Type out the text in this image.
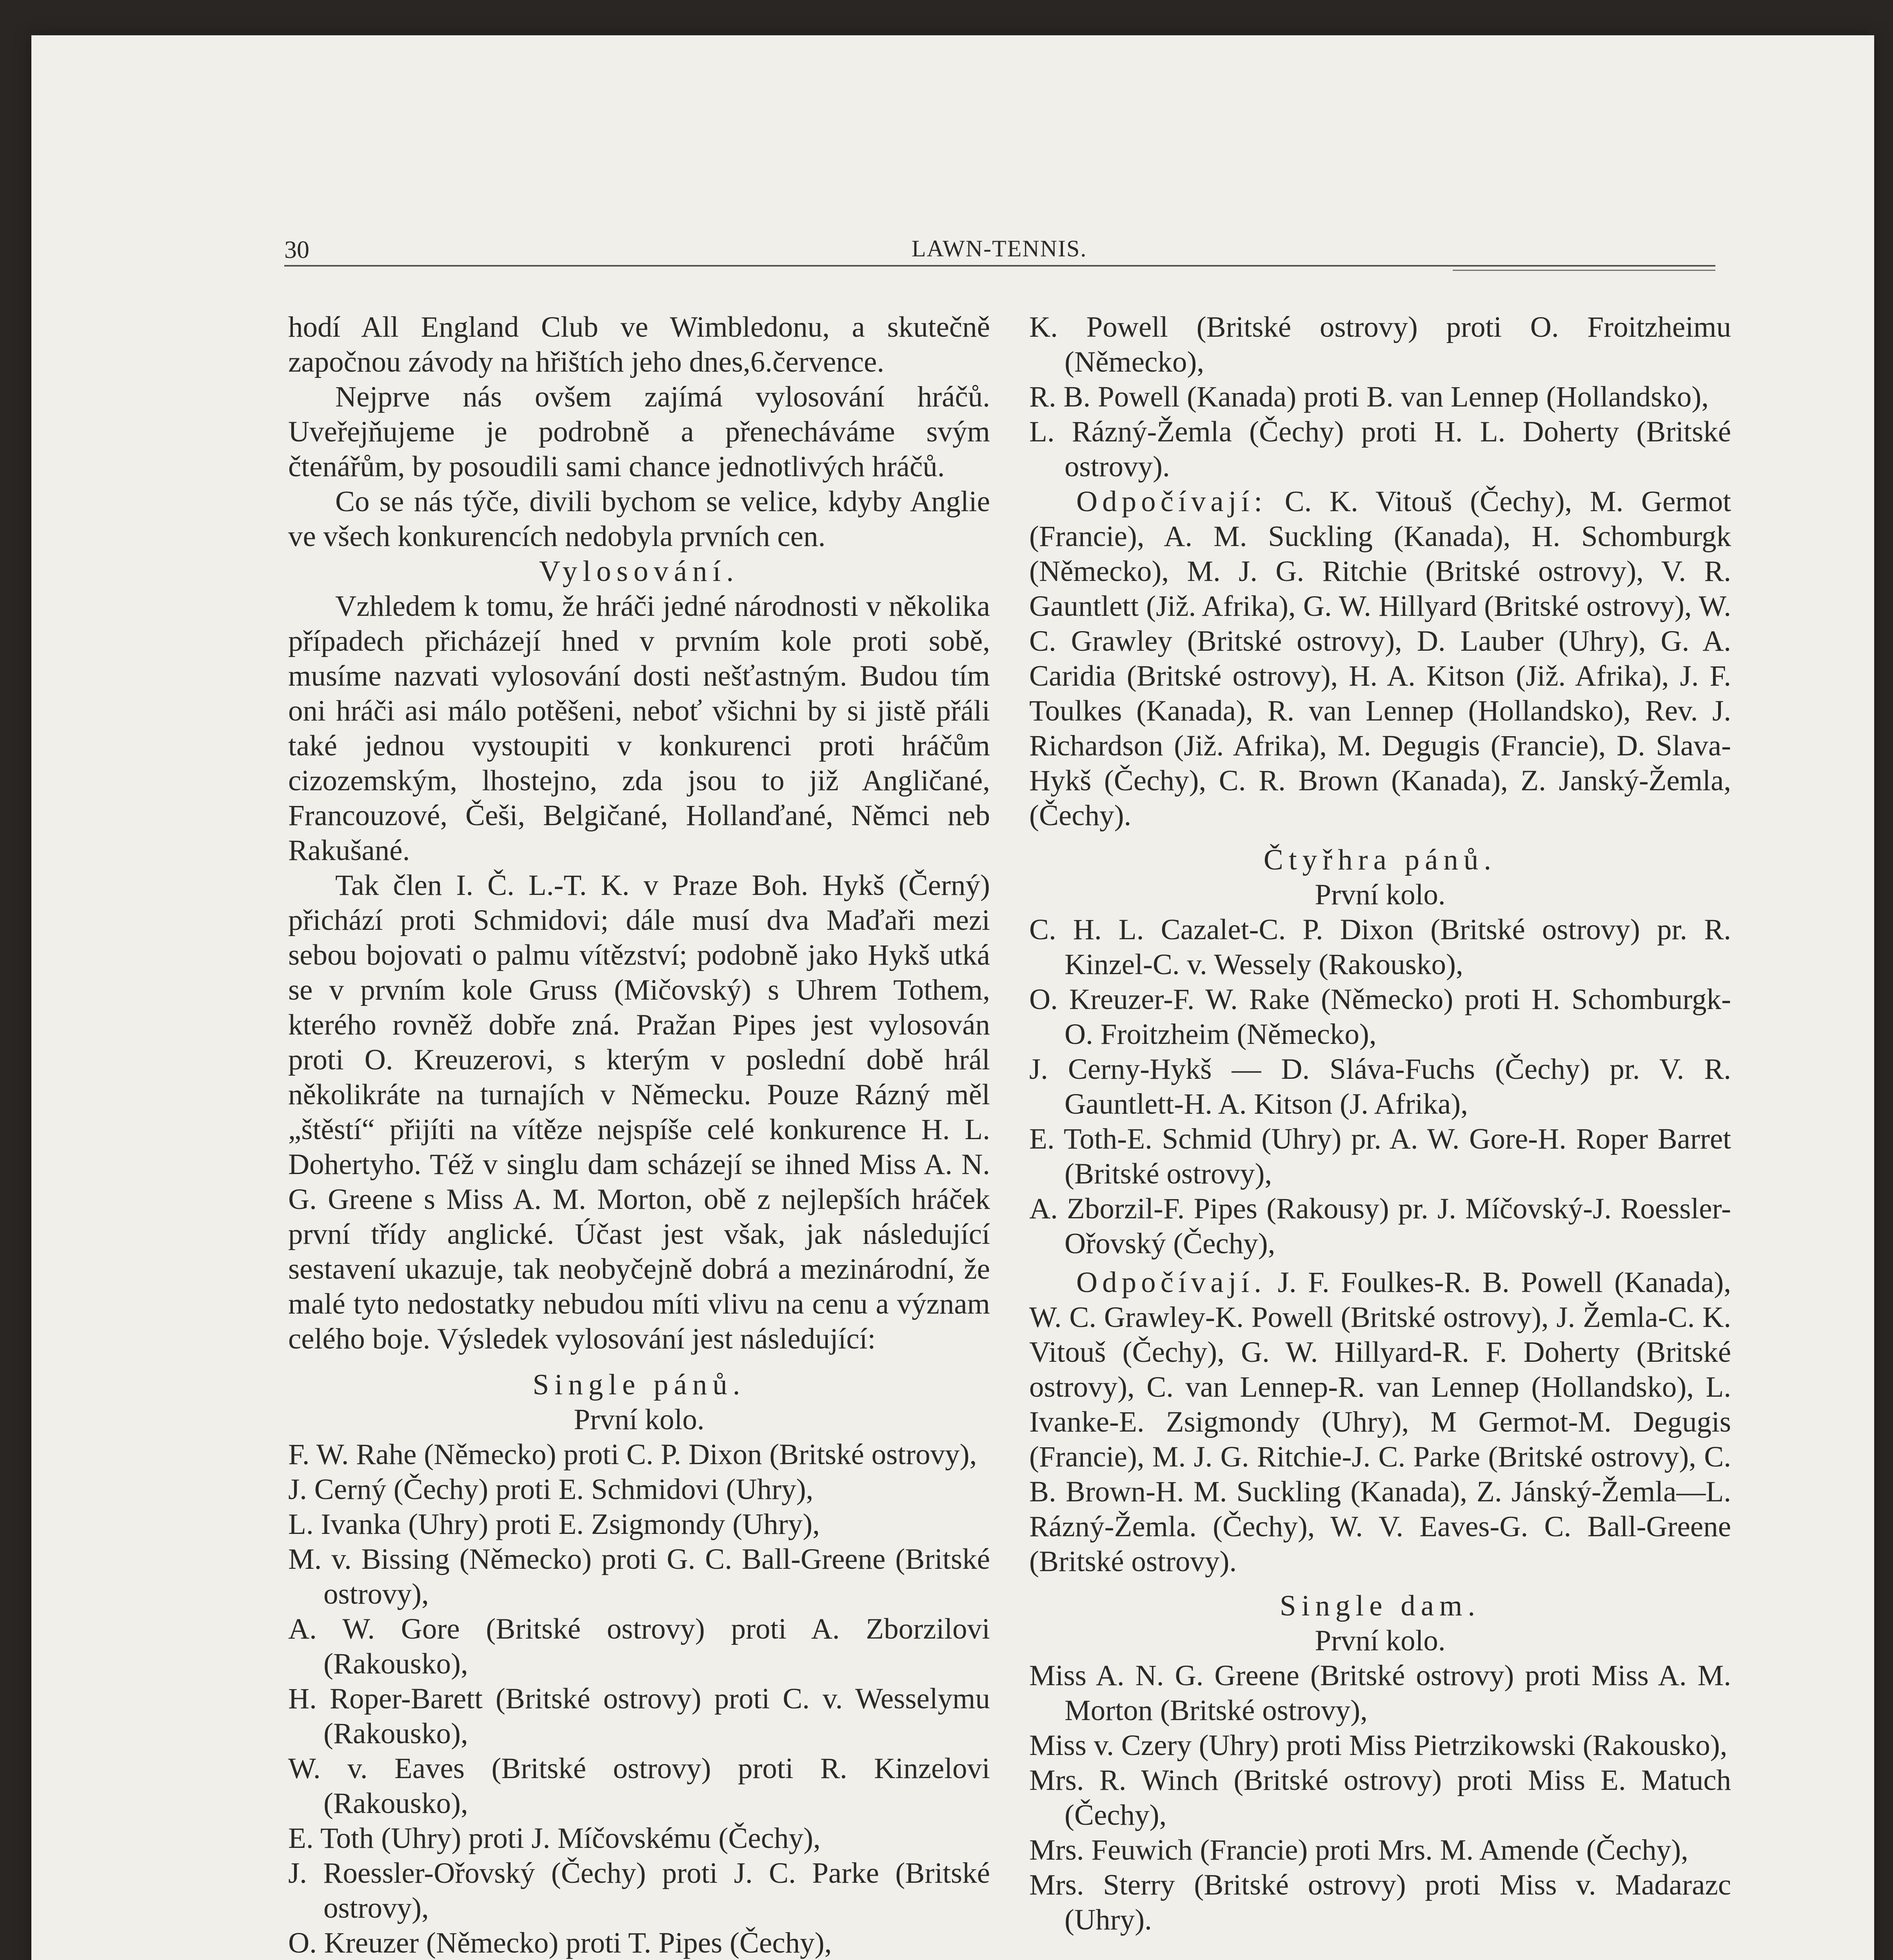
30	LAWN-TENNIS.

hodí All England Club ve Wimbledonu, a skutečně započnou závody na hřištích jeho dnes,6.července.

Nejprve nás ovšem zajímá vylosování hráčů. Uveřejňujeme je podrobně a přenecháváme svým čtenářům, by posoudili sami chance jednotlivých hráčů.

Co se nás týče, divili bychom se velice, kdyby Anglie ve všech konkurencích nedobyla prvních cen.

Vylosování.

Vzhledem k tomu, že hráči jedné národnosti v několika případech přicházejí hned v prvním kole proti sobě, musíme nazvati vylosování dosti nešťastným. Budou tím oni hráči asi málo potěšeni, neboť všichni by si jistě přáli také jednou vystoupiti v konkurenci proti hráčům cizozemským, lhostejno, zda jsou to již Angličané, Francouzové, Češi, Belgičané, Hollanďané, Němci neb Rakušané.

Tak člen I. Č. L.-T. K. v Praze Boh. Hykš (Černý) přichází proti Schmidovi; dále musí dva Maďaři mezi sebou bojovati o palmu vítězství; podobně jako Hykš utká se v prvním kole Gruss (Mičovský) s Uhrem Tothem, kterého rovněž dobře zná. Pražan Pipes jest vylosován proti O. Kreuzerovi, s kterým v poslední době hrál několikráte na turnajích v Německu. Pouze Rázný měl „štěstí“ přijíti na vítěze nejspíše celé konkurence H. L. Dohertyho. Též v singlu dam scházejí se ihned Miss A. N. G. Greene s Miss A. M. Morton, obě z nejlepších hráček první třídy anglické. Účast jest však, jak následující sestavení ukazuje, tak neobyčejně dobrá a mezinárodní, že malé tyto nedostatky nebudou míti vlivu na cenu a význam celého boje. Výsledek vylosování jest následující:

Single pánů.

První kolo.

F. W. Rahe (Německo) proti C. P. Dixon (Britské ostrovy),

J. Cerný (Čechy) proti E. Schmidovi (Uhry),

L. Ivanka (Uhry) proti E. Zsigmondy (Uhry),

M. v. Bissing (Německo) proti G. C. Ball-Greene (Britské ostrovy),

A. W. Gore (Britské ostrovy) proti A. Zborzilovi (Rakousko),

H. Roper-Barett (Britské ostrovy) proti C. v. Wesselymu (Rakousko),

W. v. Eaves (Britské ostrovy) proti R. Kinzelovi (Rakousko),

E. Toth (Uhry) proti J. Míčovskému (Čechy),

J. Roessler-Ořovský (Čechy) proti J. C. Parke (Britské ostrovy),

O. Kreuzer (Německo) proti T. Pipes (Čechy),

K. Powell (Britské ostrovy) proti O. Froitzheimu (Německo),

R. B. Powell (Kanada) proti B. van Lennep (Hollandsko),

L. Rázný-Žemla (Čechy) proti H. L. Doherty (Britské ostrovy).

Odpočívají: C. K. Vitouš (Čechy), M. Germot (Francie), A. M. Suckling (Kanada), H. Schomburgk (Německo), M. J. G. Ritchie (Britské ostrovy), V. R. Gauntlett (Již. Afrika), G. W. Hillyard (Britské ostrovy), W. C. Grawley (Britské ostrovy), D. Lauber (Uhry), G. A. Caridia (Britské ostrovy), H. A. Kitson (Již. Afrika), J. F. Toulkes (Kanada), R. van Lennep (Hollandsko), Rev. J. Richardson (Již. Afrika), M. Degugis (Francie), D. Slava-Hykš (Čechy), C. R. Brown (Kanada), Z. Janský-Žemla, (Čechy).

Čtyřhra pánů.

První kolo.

C. H. L. Cazalet-C. P. Dixon (Britské ostrovy) pr. R. Kinzel-C. v. Wessely (Rakousko),

O. Kreuzer-F. W. Rake (Německo) proti H. Schomburgk-O. Froitzheim (Německo),

J. Cerny-Hykš — D. Sláva-Fuchs (Čechy) pr. V. R. Gauntlett-H. A. Kitson (J. Afrika),

E. Toth-E. Schmid (Uhry) pr. A. W. Gore-H. Roper Barret (Britské ostrovy),

A. Zborzil-F. Pipes (Rakousy) pr. J. Míčovský-J. Roessler-Ořovský (Čechy),

Odpočívají. J. F. Foulkes-R. B. Powell (Kanada), W. C. Grawley-K. Powell (Britské ostrovy), J. Žemla-C. K. Vitouš (Čechy), G. W. Hillyard-R. F. Doherty (Britské ostrovy), C. van Lennep-R. van Lennep (Hollandsko), L. Ivanke-E. Zsigmondy (Uhry), M Germot-M. Degugis (Francie), M. J. G. Ritchie-J. C. Parke (Britské ostrovy), C. B. Brown-H. M. Suckling (Kanada), Z. Jánský-Žemla—L. Rázný-Žemla. (Čechy), W. V. Eaves-G. C. Ball-Greene (Britské ostrovy).

Single dam.

První kolo.

Miss A. N. G. Greene (Britské ostrovy) proti Miss A. M. Morton (Britské ostrovy),

Miss v. Czery (Uhry) proti Miss Pietrzikowski (Rakousko),

Mrs. R. Winch (Britské ostrovy) proti Miss E. Matuch (Čechy),

Mrs. Feuwich (Francie) proti Mrs. M. Amende (Čechy),

Mrs. Sterry (Britské ostrovy) proti Miss v. Madarazc (Uhry).
